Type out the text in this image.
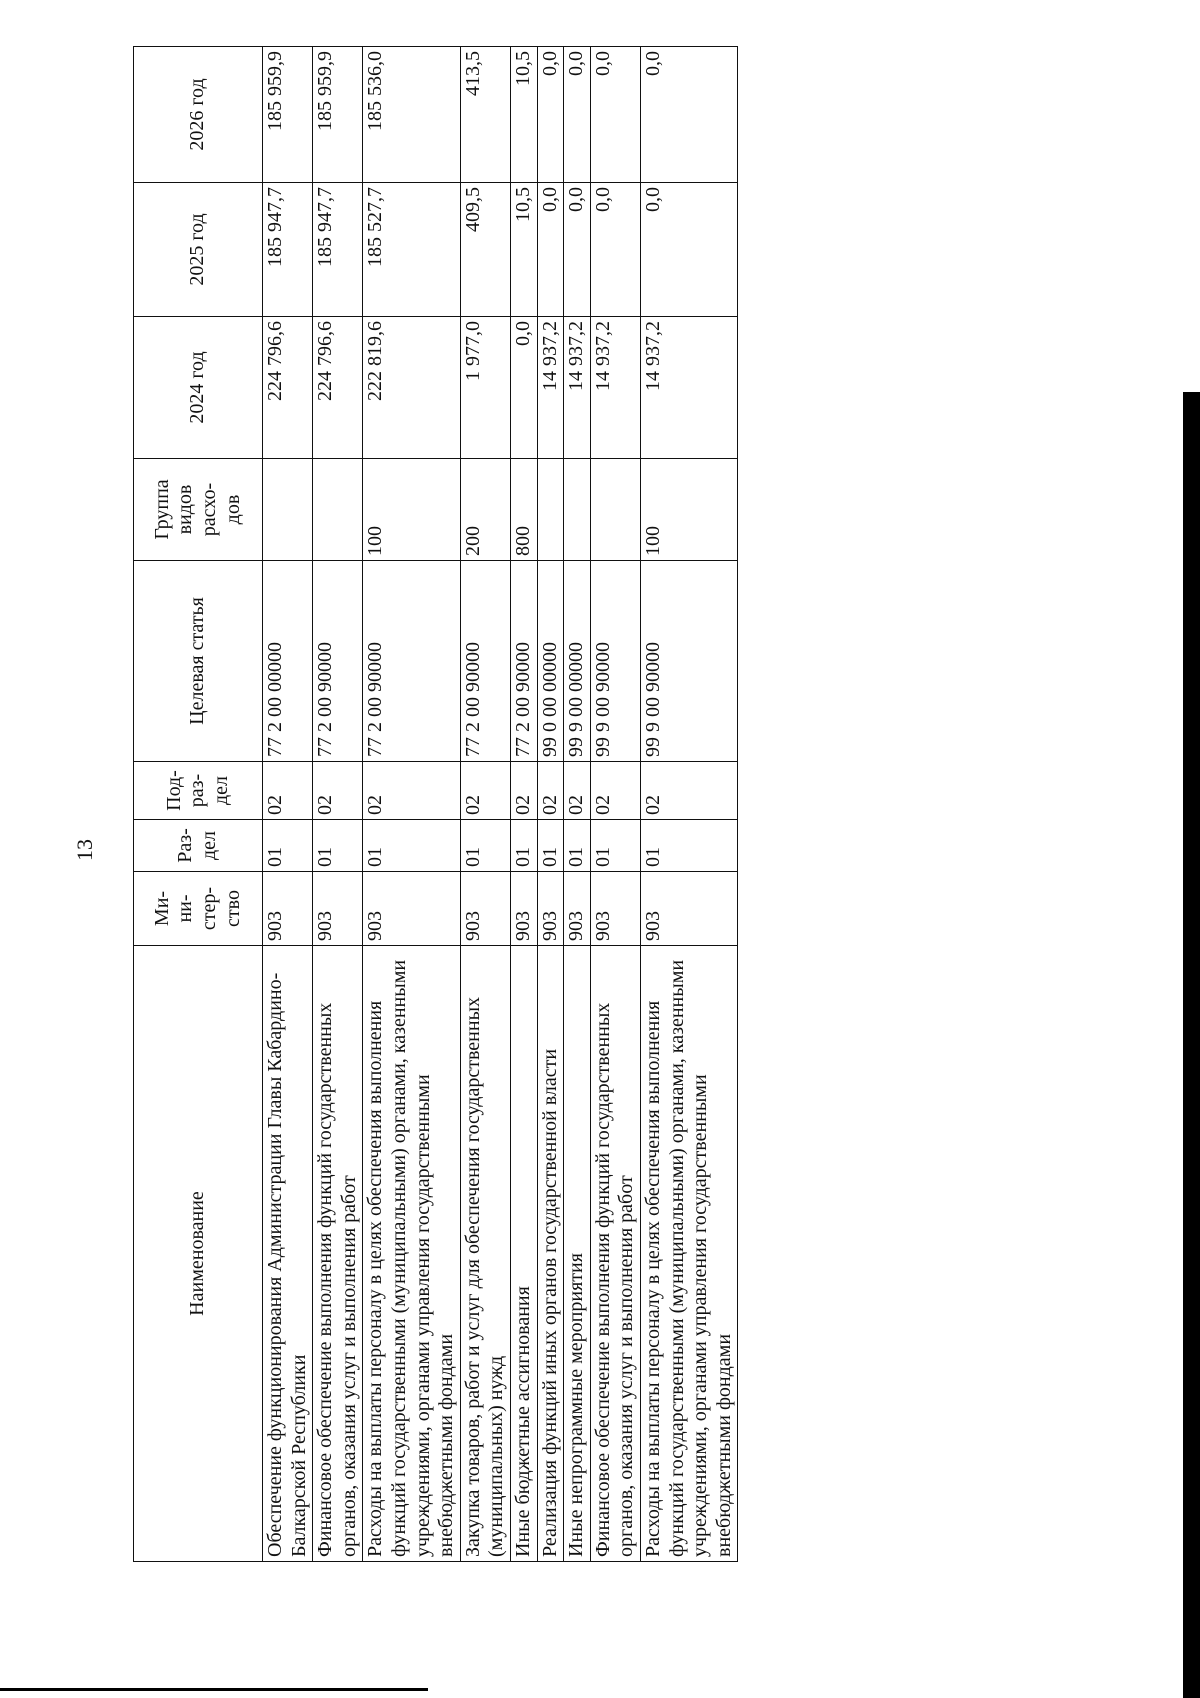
13
Наименование	Ми-
ни-
стер-
ство	Раз-
дел	Под-
раз-
дел	Целевая статья	Группа
видов
расхо-
дов	2024 год	2025 год	2026 год
Обеспечение функционирования Администрации Главы Кабардино-Балкарской Республики	903	01	02	77 2 00 00000		224 796,6	185 947,7	185 959,9
Финансовое обеспечение выполнения функций государственных органов, оказания услуг и выполнения работ	903	01	02	77 2 00 90000		224 796,6	185 947,7	185 959,9
Расходы на выплаты персоналу в целях обеспечения выполнения функций государственными (муниципальными) органами, казенными учреждениями, органами управления государственными внебюджетными фондами	903	01	02	77 2 00 90000	100	222 819,6	185 527,7	185 536,0
Закупка товаров, работ и услуг для обеспечения государственных (муниципальных) нужд	903	01	02	77 2 00 90000	200	1 977,0	409,5	413,5
Иные бюджетные ассигнования	903	01	02	77 2 00 90000	800	0,0	10,5	10,5
Реализация функций иных органов государственной власти	903	01	02	99 0 00 00000		14 937,2	0,0	0,0
Иные непрограммные мероприятия	903	01	02	99 9 00 00000		14 937,2	0,0	0,0
Финансовое обеспечение выполнения функций государственных органов, оказания услуг и выполнения работ	903	01	02	99 9 00 90000		14 937,2	0,0	0,0
Расходы на выплаты персоналу в целях обеспечения выполнения функций государственными (муниципальными) органами, казенными учреждениями, органами управления государственными внебюджетными фондами	903	01	02	99 9 00 90000	100	14 937,2	0,0	0,0
